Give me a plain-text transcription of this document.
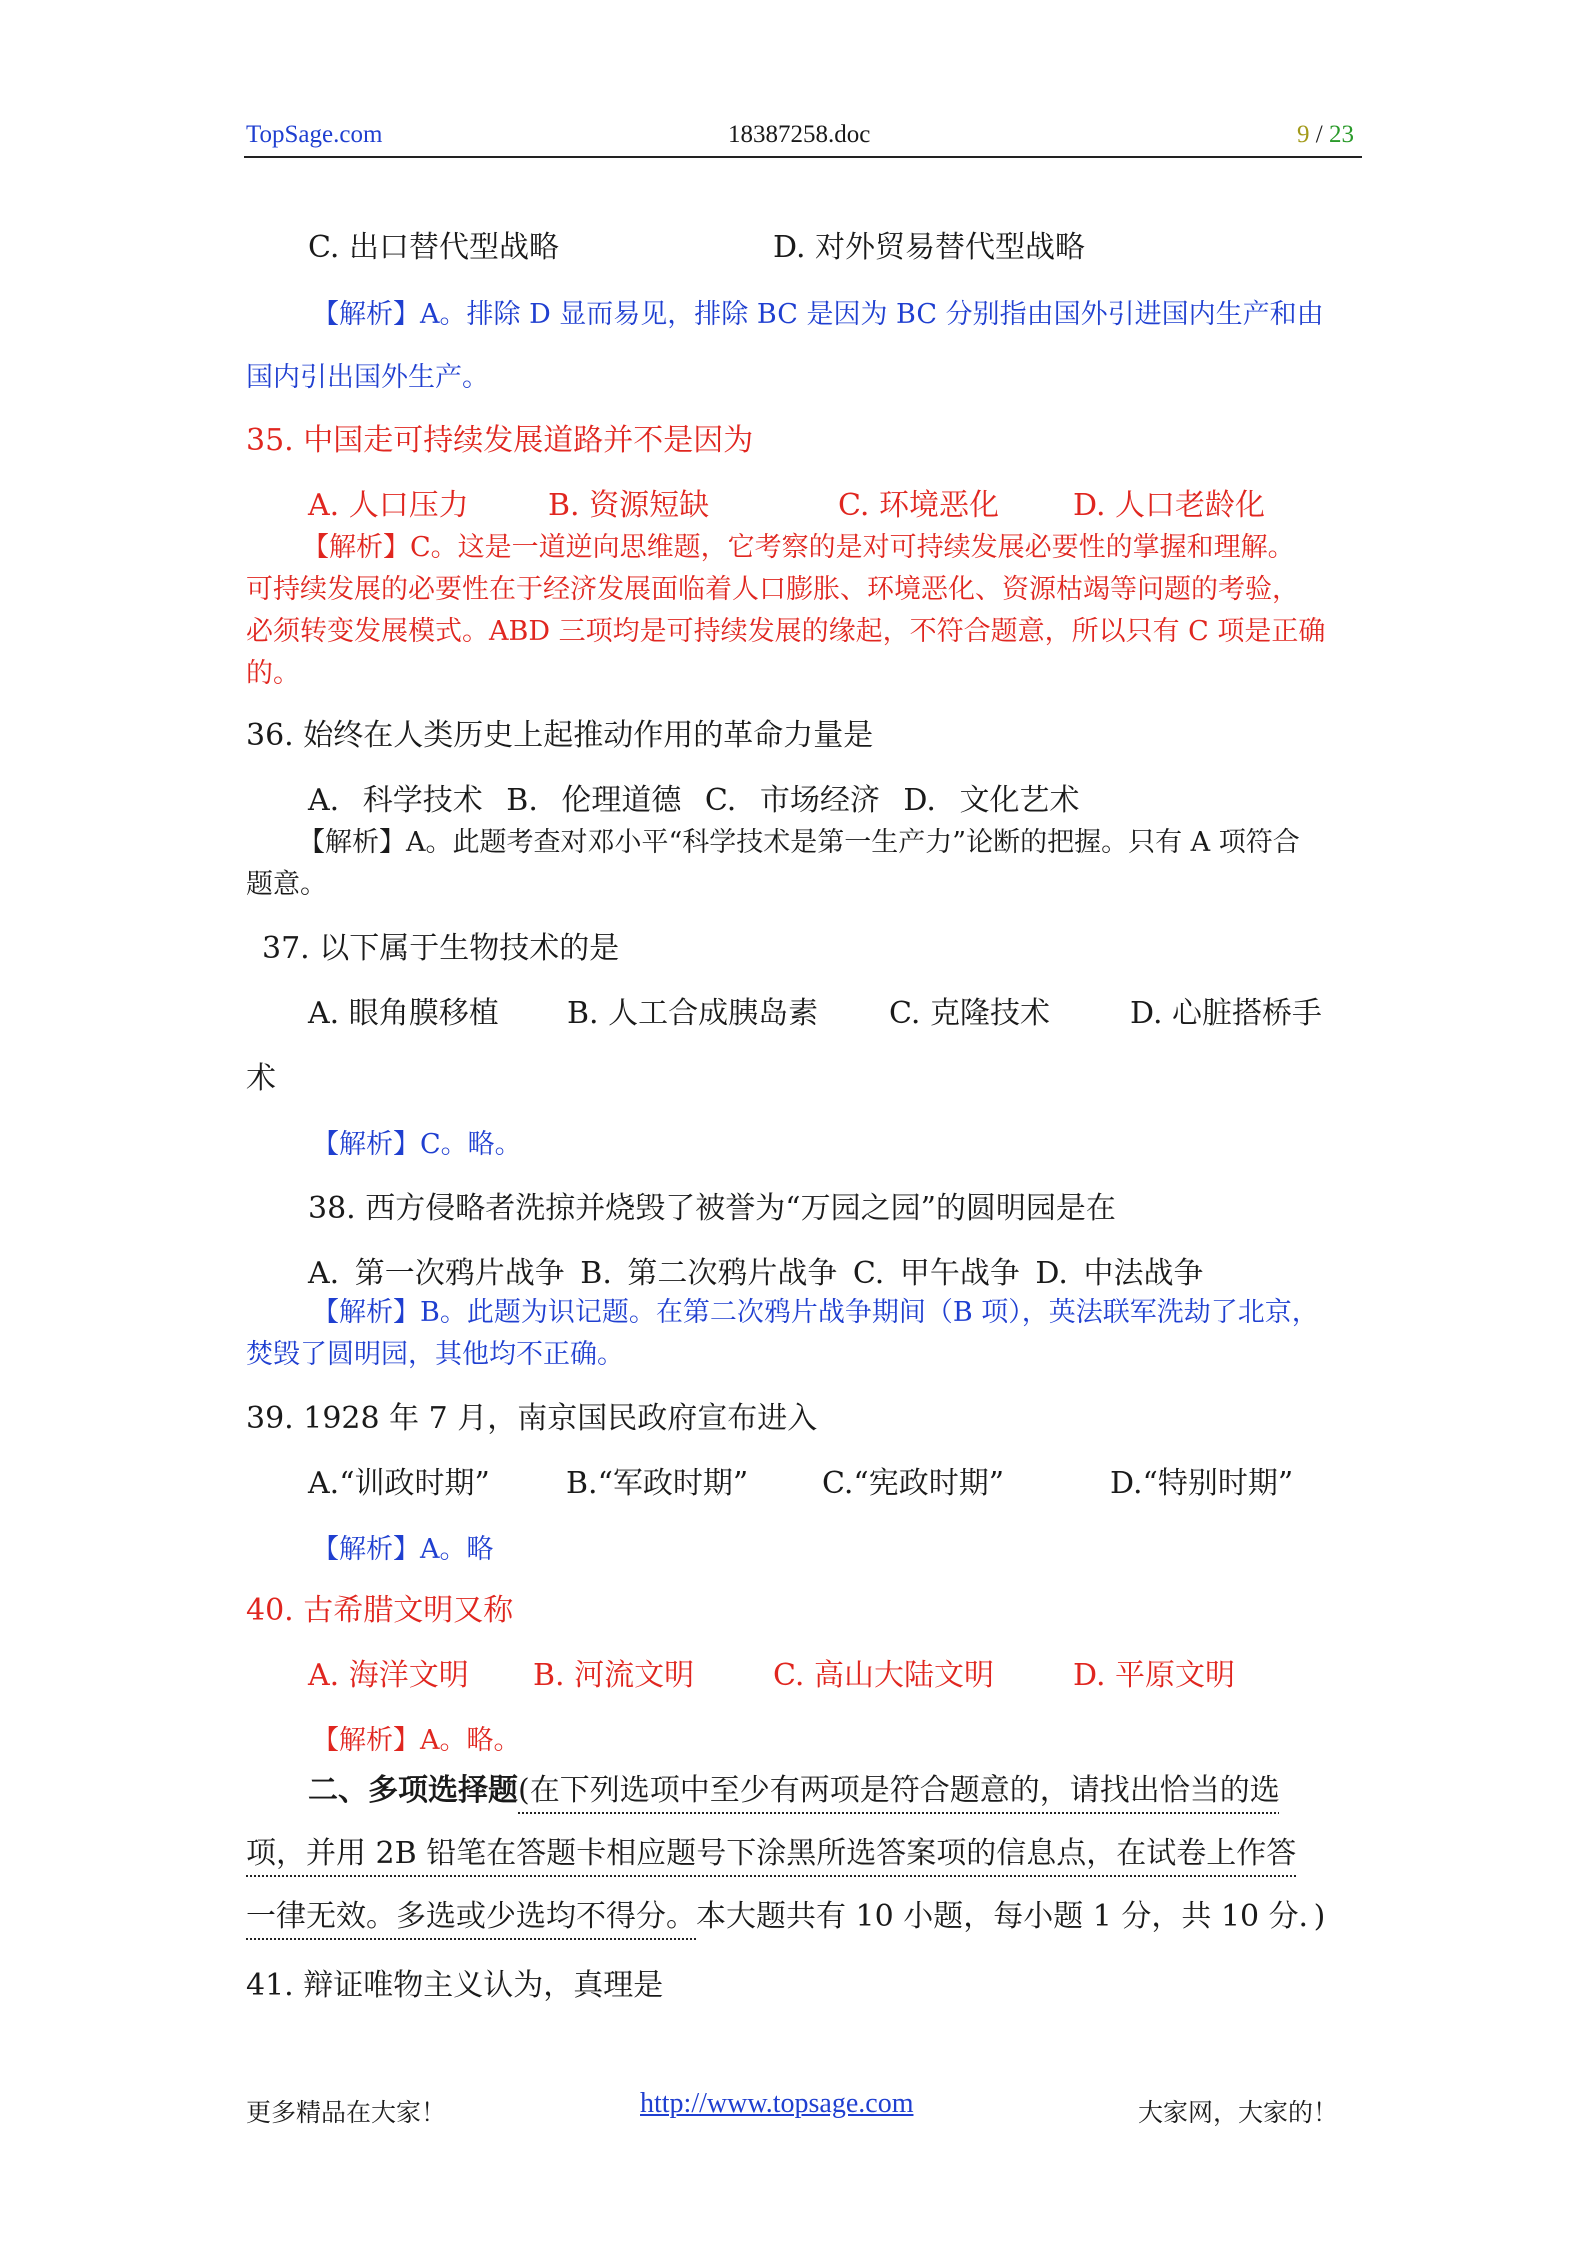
TopSage.com	18387258.doc	9 / 23
C. 出口替代型战略	D. 对外贸易替代型战略
【解析】A。排除 D 显而易见，排除 BC 是因为 BC 分别指由国外引进国内生产和由
国内引出国外生产。
35. 中国走可持续发展道路并不是因为
A. 人口压力	B. 资源短缺	C. 环境恶化 D. 人口老龄化
【解析】C。这是一道逆向思维题，它考察的是对可持续发展必要性的掌握和理解。
可持续发展的必要性在于经济发展面临着人口膨胀、环境恶化、资源枯竭等问题的考验，
必须转变发展模式。ABD 三项均是可持续发展的缘起，不符合题意，所以只有 C 项是正确
的。
36. 始终在人类历史上起推动作用的革命力量是
A. 科学技术 B. 伦理道德 C. 市场经济 D. 文化艺术
【解析】A。此题考查对邓小平“科学技术是第一生产力”论断的把握。只有 A 项符合
题意。
37. 以下属于生物技术的是
A. 眼角膜移植 B. 人工合成胰岛素 C. 克隆技术	D. 心脏搭桥手
术
【解析】C。略。
38. 西方侵略者洗掠并烧毁了被誉为“万园之园”的圆明园是在
A. 第一次鸦片战争 B. 第二次鸦片战争 C. 甲午战争 D. 中法战争
【解析】B。此题为识记题。在第二次鸦片战争期间（B 项），英法联军洗劫了北京，
焚毁了圆明园，其他均不正确。
39. 1928 年 7 月，南京国民政府宣布进入
A.“训政时期”	B.“军政时期” C.“宪政时期”	D.“特别时期”
【解析】A。略
40. 古希腊文明又称
A. 海洋文明 B. 河流文明	C. 高山大陆文明	D. 平原文明
【解析】A。略。
二、多项选择题(在下列选项中至少有两项是符合题意的，请找出恰当的选
项，并用 2B 铅笔在答题卡相应题号下涂黑所选答案项的信息点，在试卷上作答
一律无效。多选或少选均不得分。本大题共有 10 小题，每小题 1 分，共 10 分．)
41. 辩证唯物主义认为，真理是
更多精品在大家！	http://www.topsage.com	大家网，大家的！
